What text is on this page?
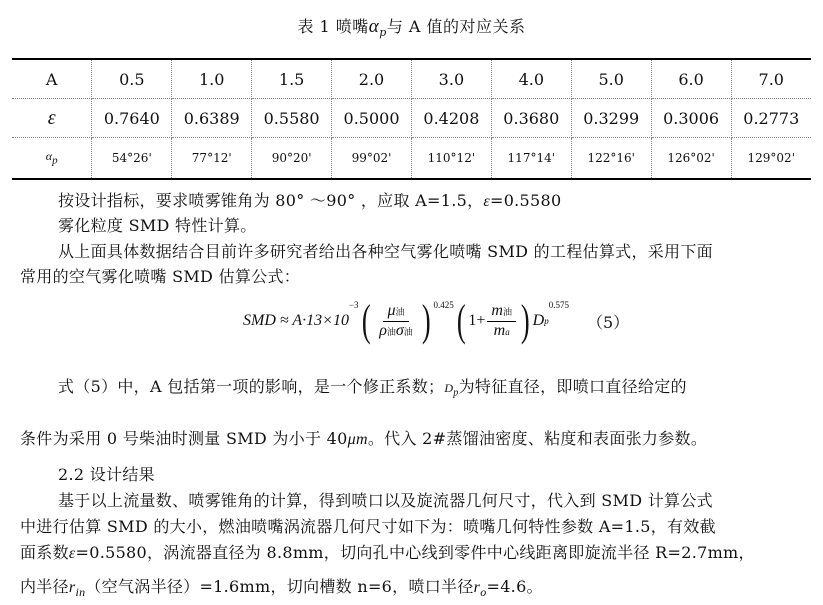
表 1 喷嘴$\alpha_p$与 A 值的对应关系
A	0.5	1.0	1.5	2.0	3.0	4.0	5.0	6.0	7.0
ε	0.7640	0.6389	0.5580	0.5000	0.4208	0.3680	0.3299	0.3006	0.2773
$\alpha_p$	54°26'	77°12'	90°20'	99°02'	110°12'	117°14'	122°16'	126°02'	129°02'
按设计指标，要求喷雾锥角为 80° ～90° ，应取 A=1.5，ε=0.5580
雾化粒度 SMD 特性计算。
从上面具体数据结合目前许多研究者给出各种空气雾化喷嘴 SMD 的工程估算式，采用下面
常用的空气雾化喷嘴 SMD 估算公式：
SMD ≈ A·13×10
$^{-3}$ ( $\frac{\text{μ油}}{\text{ρ油σ油}}$ ) $^{0.425}$ ( $1+ \frac{\text{m油}}{ma}$ ) D p
$^{0.575}$
（5）
式（5）中，A 包括第一项的影响，是一个修正系数；$D_p$为特征直径，即喷口直径给定的
条件为采用 0 号柴油时测量 SMD 为小于 40μm。代入 2#蒸馏油密度、粘度和表面张力参数。
2.2 设计结果
基于以上流量数、喷雾锥角的计算，得到喷口以及旋流器几何尺寸，代入到 SMD 计算公式
中进行估算 SMD 的大小，燃油喷嘴涡流器几何尺寸如下为：喷嘴几何特性参数 A=1.5，有效截
面系数ε=0.5580，涡流器直径为 8.8mm，切向孔中心线到零件中心线距离即旋流半径 R=2.7mm，
内半径$r_{in}$（空气涡半径）=1.6mm，切向槽数 n=6，喷口半径$r_o=4.6$。
